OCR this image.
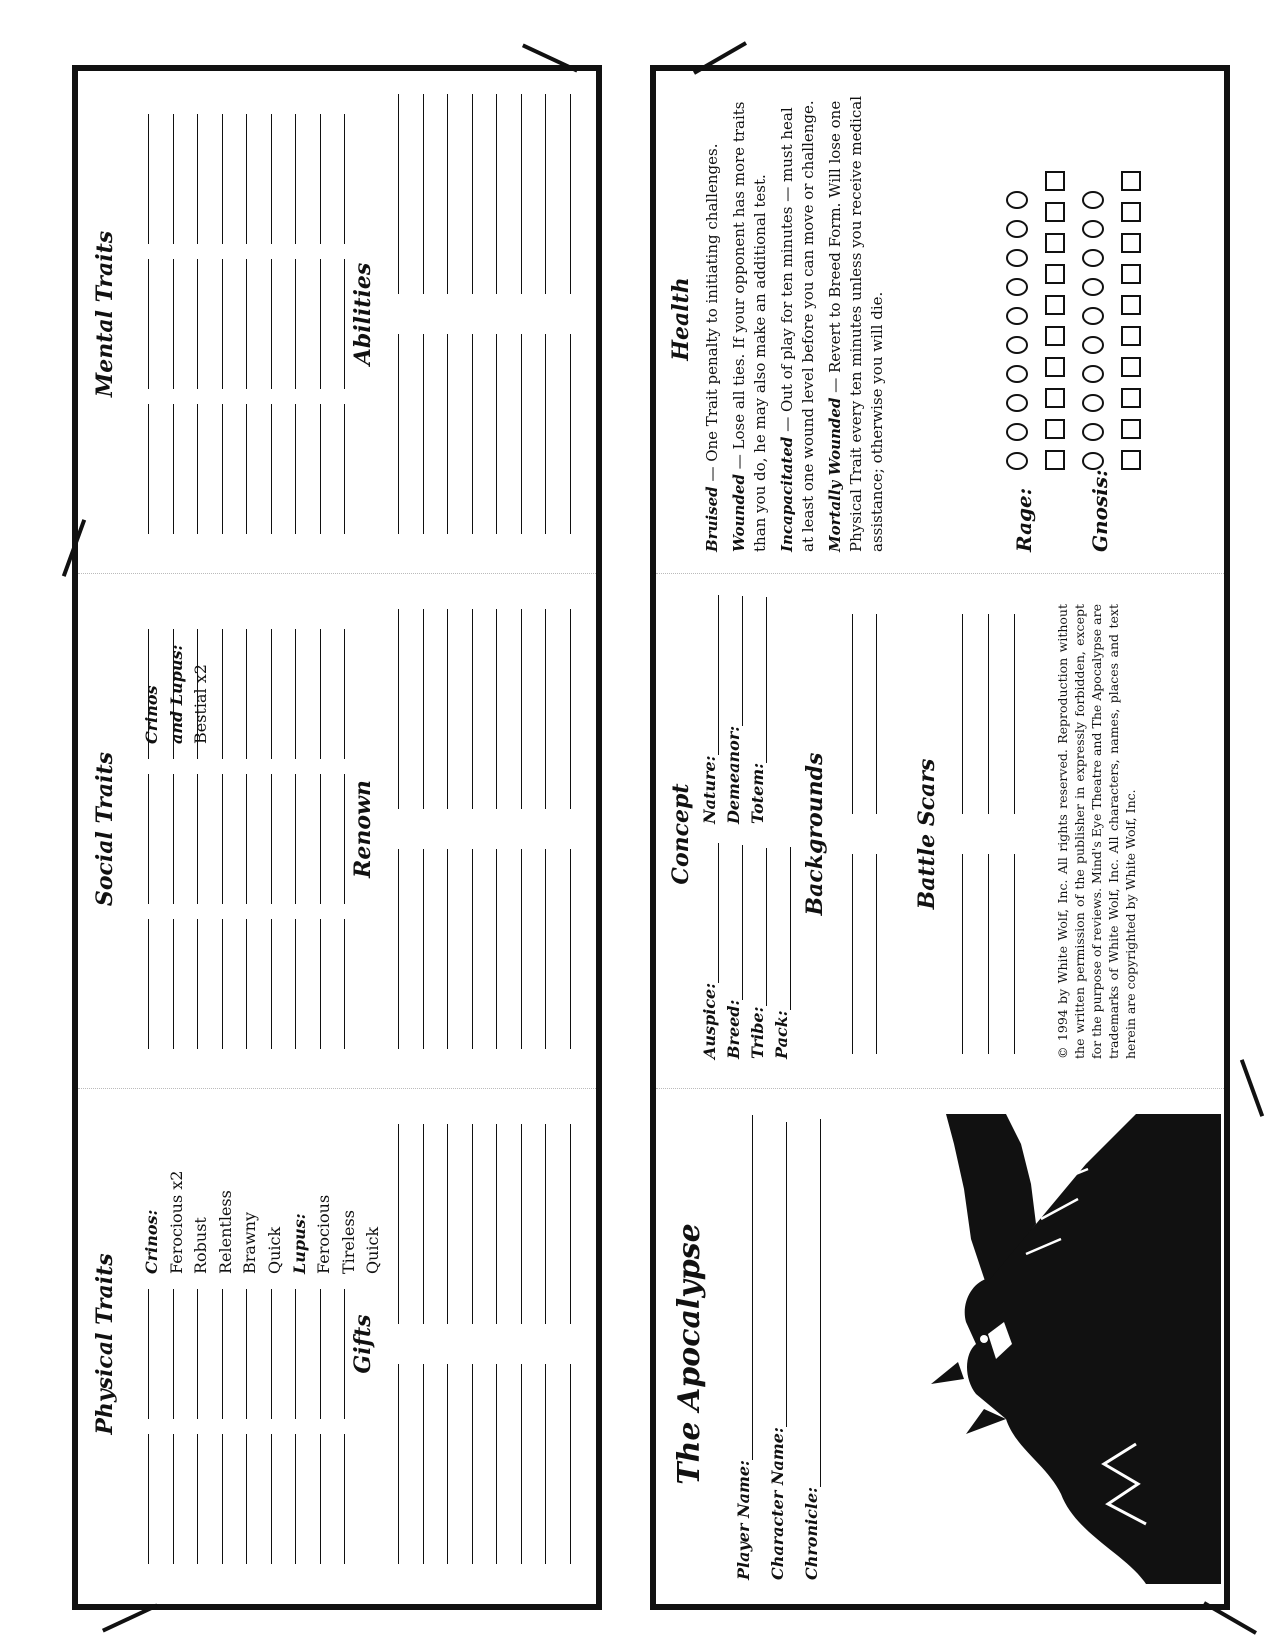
The Apocalypse
Player Name: Character Name: Chronicle:
Concept
Auspice: Breed: Tribe: Pack:
Nature: Demeanor: Totem: Backgrounds	Battle Scars	© 1994 by White Wolf, Inc. All rights reserved. Reproduction without the written permission of the publisher in expressly forbidden, except for the purpose of reviews. Mind's Eye Theatre and The Apocalypse are trademarks of White Wolf, Inc. All characters, names, places and text herein are copyrighted by White Wolf, Inc.
Health

Bruised — One Trait penalty to initiating challenges.

Wounded — Lose all ties. If your opponent has more traits than you do, he may also make an additional test. Incapacitated — Out of play for ten minutes — must heal at least one wound level before you can move or challenge. Mortally Wounded — Revert to Breed Form. Will lose one Physical Trait every ten minutes unless you receive medical assistance; otherwise you will die.	Rage:	Gnosis:
Physical Traits
Crinos: Ferocious x2 Robust Relentless Brawny Quick Lupus: Ferocious Tireless Quick
Social Traits
Crinos and Lupus: Bestial x2
Mental Traits
Gifts
Renown
Abilities
